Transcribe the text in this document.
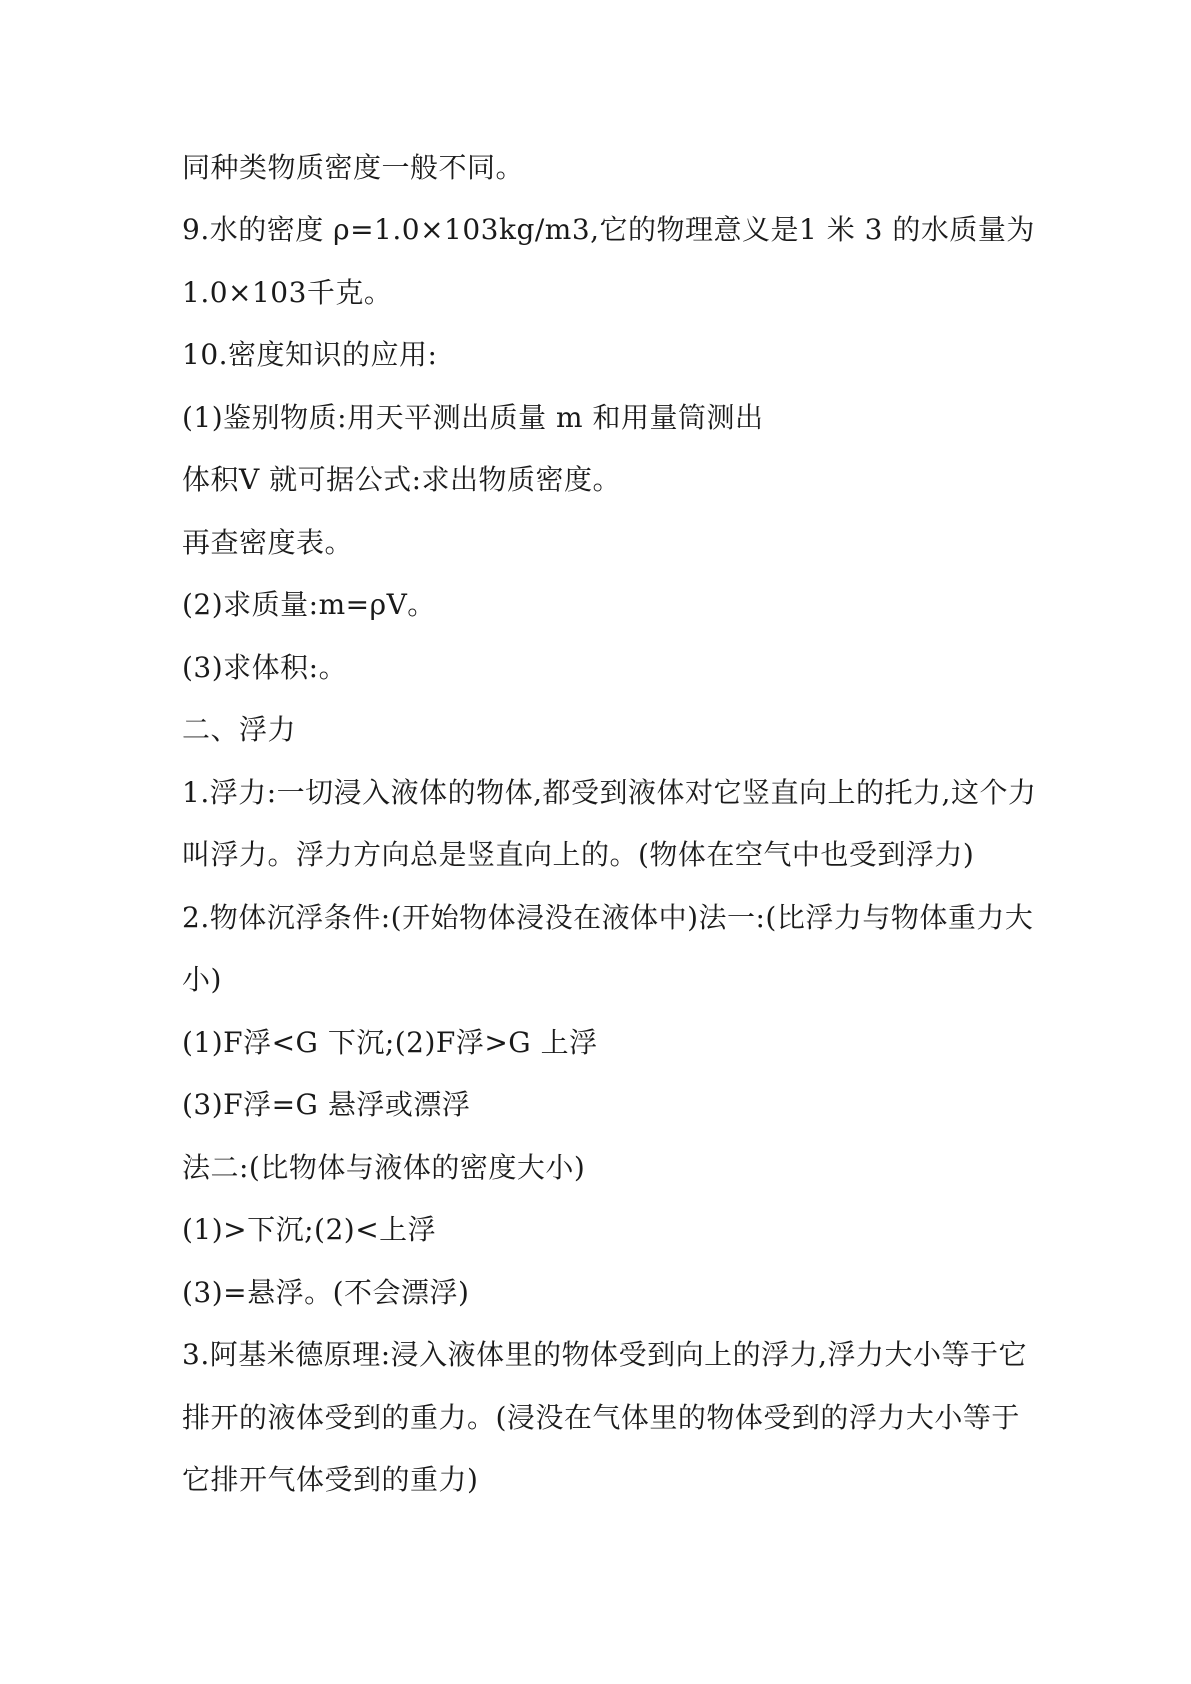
同种类物质密度一般不同。
9.水的密度 ρ=1.0×103kg/m3,它的物理意义是1 米 3 的水质量为
1.0×103千克。
10.密度知识的应用:
(1)鉴别物质:用天平测出质量 m 和用量筒测出
体积V 就可据公式:求出物质密度。
再查密度表。
(2)求质量:m=ρV。
(3)求体积:。
二、浮力
1.浮力:一切浸入液体的物体,都受到液体对它竖直向上的托力,这个力
叫浮力。浮力方向总是竖直向上的。(物体在空气中也受到浮力)
2.物体沉浮条件:(开始物体浸没在液体中)法一:(比浮力与物体重力大
小)
(1)F浮<G 下沉;(2)F浮>G 上浮
(3)F浮=G 悬浮或漂浮
法二:(比物体与液体的密度大小)
(1)>下沉;(2)<上浮
(3)=悬浮。(不会漂浮)
3.阿基米德原理:浸入液体里的物体受到向上的浮力,浮力大小等于它
排开的液体受到的重力。(浸没在气体里的物体受到的浮力大小等于
它排开气体受到的重力)
